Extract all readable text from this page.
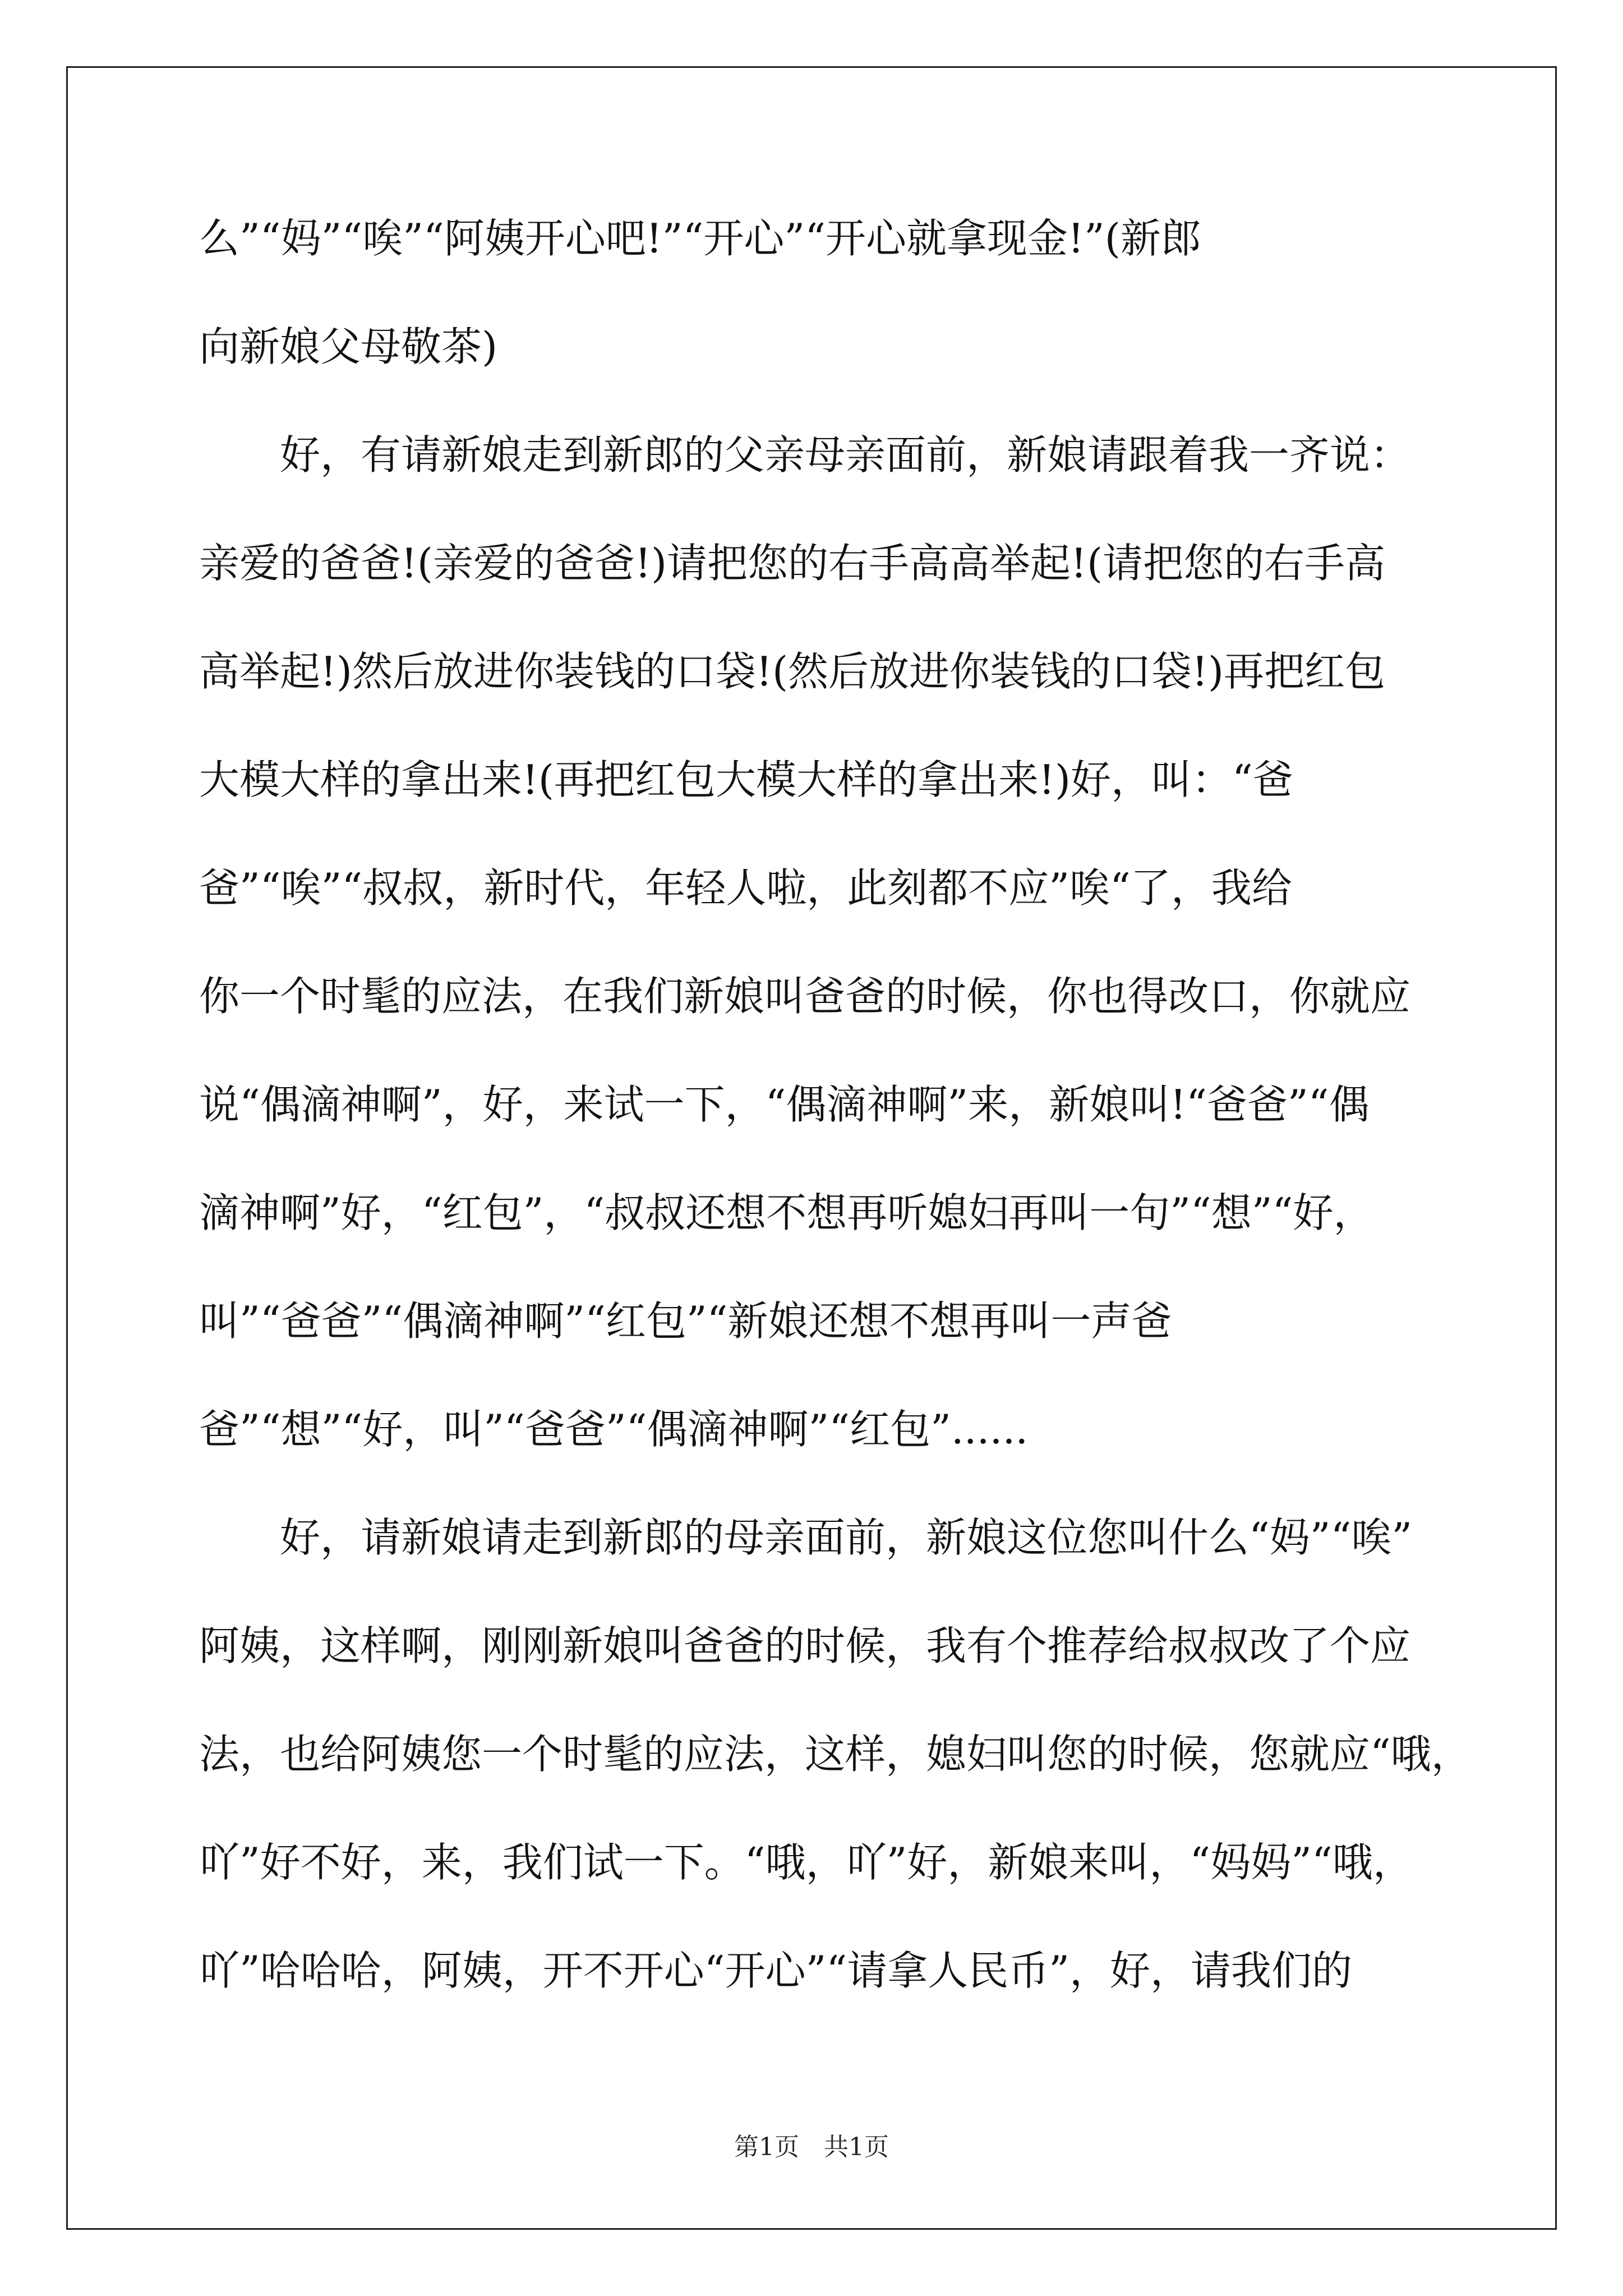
么”“妈”“唉”“阿姨开心吧!”“开心”“开心就拿现金!”(新郎
向新娘父母敬茶)
　　好，有请新娘走到新郎的父亲母亲面前，新娘请跟着我一齐说：
亲爱的爸爸!(亲爱的爸爸!)请把您的右手高高举起!(请把您的右手高
高举起!)然后放进你装钱的口袋!(然后放进你装钱的口袋!)再把红包
大模大样的拿出来!(再把红包大模大样的拿出来!)好，叫：“爸
爸”“唉”“叔叔，新时代，年轻人啦，此刻都不应”唉“了，我给
你一个时髦的应法，在我们新娘叫爸爸的时候，你也得改口，你就应
说“偶滴神啊”，好，来试一下，“偶滴神啊”来，新娘叫!“爸爸”“偶
滴神啊”好，“红包”，“叔叔还想不想再听媳妇再叫一句”“想”“好，
叫”“爸爸”“偶滴神啊”“红包”“新娘还想不想再叫一声爸
爸”“想”“好，叫”“爸爸”“偶滴神啊”“红包”......
　　好，请新娘请走到新郎的母亲面前，新娘这位您叫什么“妈”“唉”
阿姨，这样啊，刚刚新娘叫爸爸的时候，我有个推荐给叔叔改了个应
法，也给阿姨您一个时髦的应法，这样，媳妇叫您的时候，您就应“哦，
吖”好不好，来，我们试一下。“哦，吖”好，新娘来叫，“妈妈”“哦，
吖”哈哈哈，阿姨，开不开心“开心”“请拿人民币”，好，请我们的
第1页　共1页
